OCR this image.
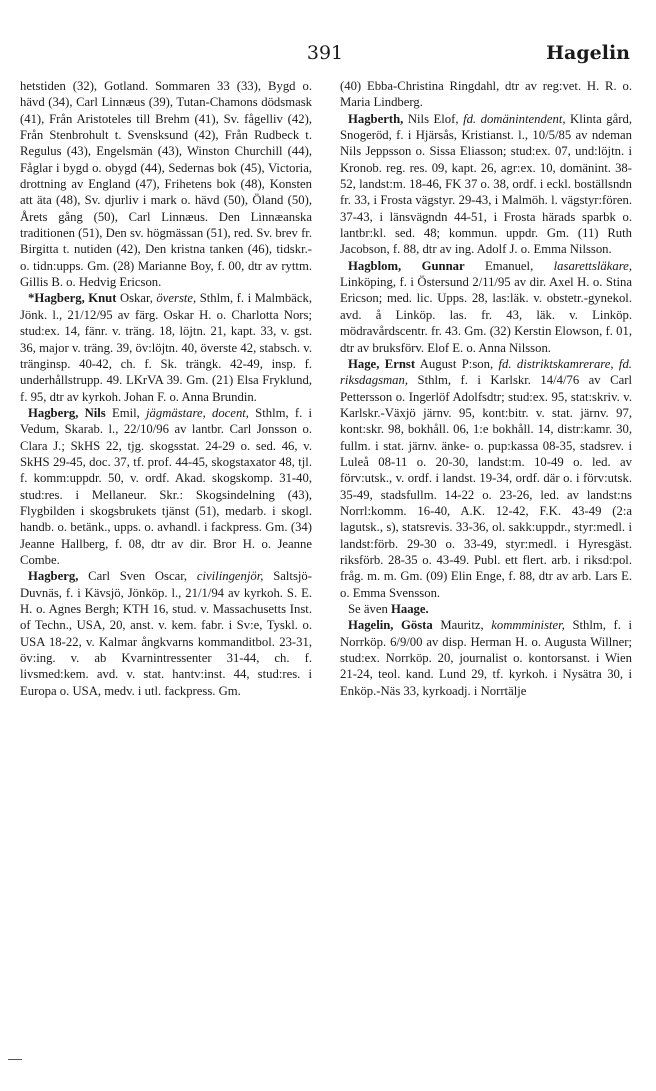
391	Hagelin

hetstiden (32), Gotland. Sommaren 33 (33), Bygd o. hävd (34), Carl Linnæus (39), Tutan-Chamons dödsmask (41), Från Aristoteles till Brehm (41), Sv. fågelliv (42), Från Stenbrohult t. Svensksund (42), Från Rudbeck t. Regulus (43), Engelsmän (43), Winston Churchill (44), Fåglar i bygd o. obygd (44), Sedernas bok (45), Victoria, drottning av England (47), Frihetens bok (48), Konsten att äta (48), Sv. djurliv i mark o. hävd (50), Öland (50), Årets gång (50), Carl Linnæus. Den Linnæanska traditionen (51), Den sv. högmässan (51), red. Sv. brev fr. Birgitta t. nutiden (42), Den kristna tanken (46), tidskr.- o. tidn:upps. Gm. (28) Marianne Boy, f. 00, dtr av ryttm. Gillis B. o. Hedvig Ericson.

*Hagberg, Knut Oskar, överste, Sthlm, f. i Malmbäck, Jönk. l., 21/12/95 av färg. Oskar H. o. Charlotta Nors; stud:ex. 14, fänr. v. träng. 18, löjtn. 21, kapt. 33, v. gst. 36, major v. träng. 39, öv:löjtn. 40, överste 42, stabsch. v. tränginsp. 40-42, ch. f. Sk. trängk. 42-49, insp. f. underhållstrupp. 49. LKrVA 39. Gm. (21) Elsa Fryklund, f. 95, dtr av kyrkoh. Johan F. o. Anna Brundin.

Hagberg, Nils Emil, jägmästare, docent, Sthlm, f. i Vedum, Skarab. l., 22/10/96 av lantbr. Carl Jonsson o. Clara J.; SkHS 22, tjg. skogsstat. 24-29 o. sed. 46, v. SkHS 29-45, doc. 37, tf. prof. 44-45, skogstaxator 48, tjl. f. komm:uppdr. 50, v. ordf. Akad. skogskomp. 31-40, stud:res. i Mellaneur. Skr.: Skogsindelning (43), Flygbilden i skogsbrukets tjänst (51), medarb. i skogl. handb. o. betänk., upps. o. avhandl. i fackpress. Gm. (34) Jeanne Hallberg, f. 08, dtr av dir. Bror H. o. Jeanne Combe.

Hagberg, Carl Sven Oscar, civilingenjör, Saltsjö-Duvnäs, f. i Kävsjö, Jönköp. l., 21/1/94 av kyrkoh. S. E. H. o. Agnes Bergh; KTH 16, stud. v. Massachusetts Inst. of Techn., USA, 20, anst. v. kem. fabr. i Sv:e, Tyskl. o. USA 18-22, v. Kalmar ångkvarns kommanditbol. 23-31, öv:ing. v. ab Kvarnintressenter 31-44, ch. f. livsmed:kem. avd. v. stat. hantv:inst. 44, stud:res. i Europa o. USA, medv. i utl. fackpress. Gm.

(40) Ebba-Christina Ringdahl, dtr av reg:vet. H. R. o. Maria Lindberg.

Hagberth, Nils Elof, fd. domänintendent, Klinta gård, Snogeröd, f. i Hjärsås, Kristianst. l., 10/5/85 av ndeman Nils Jeppsson o. Sissa Eliasson; stud:ex. 07, und:löjtn. i Kronob. reg. res. 09, kapt. 26, agr:ex. 10, domänint. 38-52, landst:m. 18-46, FK 37 o. 38, ordf. i eckl. boställsndn fr. 33, i Frosta vägstyr. 29-43, i Malmöh. l. vägstyr:fören. 37-43, i länsvägndn 44-51, i Frosta härads sparbk o. lantbr:kl. sed. 48; kommun. uppdr. Gm. (11) Ruth Jacobson, f. 88, dtr av ing. Adolf J. o. Emma Nilsson.

Hagblom, Gunnar Emanuel, lasarettsläkare, Linköping, f. i Östersund 2/11/95 av dir. Axel H. o. Stina Ericson; med. lic. Upps. 28, las:läk. v. obstetr.-gynekol. avd. å Linköp. las. fr. 43, läk. v. Linköp. mödravårdscentr. fr. 43. Gm. (32) Kerstin Elowson, f. 01, dtr av bruksförv. Elof E. o. Anna Nilsson.

Hage, Ernst August P:son, fd. distriktskamrerare, fd. riksdagsman, Sthlm, f. i Karlskr. 14/4/76 av Carl Pettersson o. Ingerlöf Adolfsdtr; stud:ex. 95, stat:skriv. v. Karlskr.-Växjö järnv. 95, kont:bitr. v. stat. järnv. 97, kont:skr. 98, bokhåll. 06, 1:e bokhåll. 14, distr:kamr. 30, fullm. i stat. järnv. änke- o. pup:kassa 08-35, stadsrev. i Luleå 08-11 o. 20-30, landst:m. 10-49 o. led. av förv:utsk., v. ordf. i landst. 19-34, ordf. där o. i förv:utsk. 35-49, stadsfullm. 14-22 o. 23-26, led. av landst:ns Norrl:komm. 16-40, A.K. 12-42, F.K. 43-49 (2:a lagutsk., s), statsrevis. 33-36, ol. sakk:uppdr., styr:medl. i landst:förb. 29-30 o. 33-49, styr:medl. i Hyresgäst. riksförb. 28-35 o. 43-49. Publ. ett flert. arb. i riksd:pol. fråg. m. m. Gm. (09) Elin Enge, f. 88, dtr av arb. Lars E. o. Emma Svensson.

Se även Haage.

Hagelin, Gösta Mauritz, kommminister, Sthlm, f. i Norrköp. 6/9/00 av disp. Herman H. o. Augusta Willner; stud:ex. Norrköp. 20, journalist o. kontorsanst. i Wien 21-24, teol. kand. Lund 29, tf. kyrkoh. i Nysätra 30, i Enköp.-Näs 33, kyrkoadj. i Norrtälje
